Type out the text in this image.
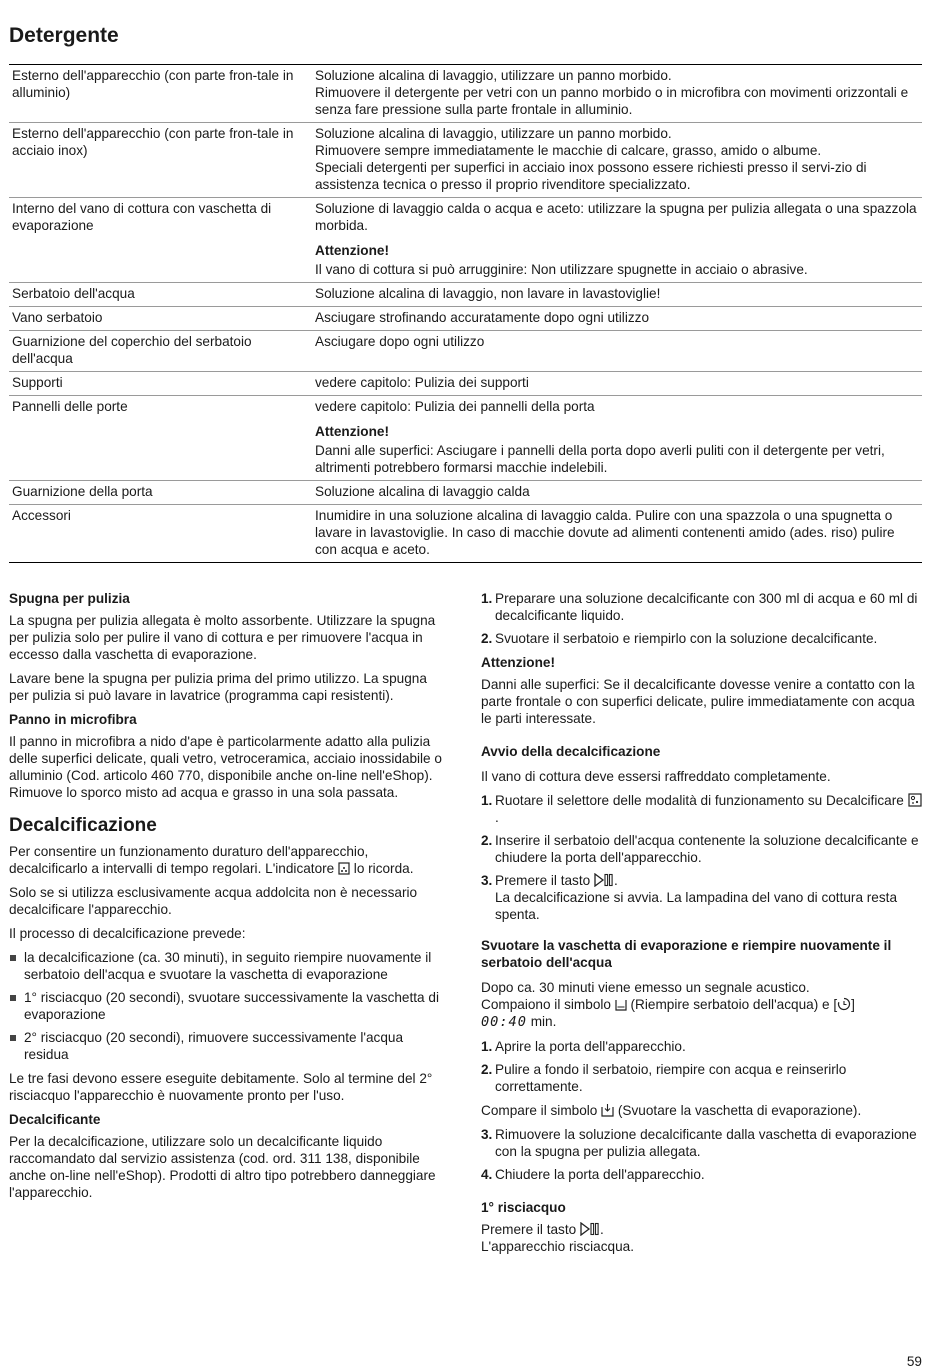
Detergente
Esterno dell'apparecchio (con parte fron-tale in alluminio)	Soluzione alcalina di lavaggio, utilizzare un panno morbido.

Rimuovere il detergente per vetri con un panno morbido o in microfibra con movimenti orizzontali e senza fare pressione sulla parte frontale in alluminio.

Esterno dell'apparecchio (con parte fron-tale in acciaio inox)	Soluzione alcalina di lavaggio, utilizzare un panno morbido.

Rimuovere sempre immediatamente le macchie di calcare, grasso, amido o albume.

Speciali detergenti per superfici in acciaio inox possono essere richiesti presso il servi-zio di assistenza tecnica o presso il proprio rivenditore specializzato.

Interno del vano di cottura con vaschetta di evaporazione	Soluzione di lavaggio calda o acqua e aceto: utilizzare la spugna per pulizia allegata o una spazzola morbida.

Attenzione!

Il vano di cottura si può arrugginire: Non utilizzare spugnette in acciaio o abrasive.

Serbatoio dell'acqua	Soluzione alcalina di lavaggio, non lavare in lavastoviglie!

Vano serbatoio	Asciugare strofinando accuratamente dopo ogni utilizzo

Guarnizione del coperchio del serbatoio dell'acqua	Asciugare dopo ogni utilizzo

Supporti	vedere capitolo: Pulizia dei supporti

Pannelli delle porte	vedere capitolo: Pulizia dei pannelli della porta

Attenzione!

Danni alle superfici: Asciugare i pannelli della porta dopo averli puliti con il detergente per vetri, altrimenti potrebbero formarsi macchie indelebili.

Guarnizione della porta	Soluzione alcalina di lavaggio calda

Accessori	Inumidire in una soluzione alcalina di lavaggio calda. Pulire con una spazzola o una spugnetta o lavare in lavastoviglie. In caso di macchie dovute ad alimenti contenenti amido (ades. riso) pulire con acqua e aceto.

Spugna per pulizia

La spugna per pulizia allegata è molto assorbente. Utilizzare la spugna per pulizia solo per pulire il vano di cottura e per rimuovere l'acqua in eccesso dalla vaschetta di evaporazione.

Lavare bene la spugna per pulizia prima del primo utilizzo. La spugna per pulizia si può lavare in lavatrice (programma capi resistenti).

Panno in microfibra

Il panno in microfibra a nido d'ape è particolarmente adatto alla pulizia delle superfici delicate, quali vetro, vetroceramica, acciaio inossidabile o alluminio (Cod. articolo 460 770, disponibile anche on-line nell'eShop). Rimuove lo sporco misto ad acqua e grasso in una sola passata.

Decalcificazione

Per consentire un funzionamento duraturo dell'apparecchio, decalcificarlo a intervalli di tempo regolari. L'indicatore lo ricorda.

Solo se si utilizza esclusivamente acqua addolcita non è necessario decalcificare l'apparecchio.

Il processo di decalcificazione prevede:

la decalcificazione (ca. 30 minuti), in seguito riempire nuovamente il serbatoio dell'acqua e svuotare la vaschetta di evaporazione
1° risciacquo (20 secondi), svuotare successivamente la vaschetta di evaporazione
2° risciacquo (20 secondi), rimuovere successivamente l'acqua residua

Le tre fasi devono essere eseguite debitamente. Solo al termine del 2° risciacquo l'apparecchio è nuovamente pronto per l'uso.

Decalcificante

Per la decalcificazione, utilizzare solo un decalcificante liquido raccomandato dal servizio assistenza (cod. ord. 311 138, disponibile anche on-line nell'eShop). Prodotti di altro tipo potrebbero danneggiare l'apparecchio.

1. Preparare una soluzione decalcificante con 300 ml di acqua e 60 ml di decalcificante liquido.
2. Svuotare il serbatoio e riempirlo con la soluzione decalcificante.
Attenzione!

Danni alle superfici: Se il decalcificante dovesse venire a contatto con la parte frontale o con superfici delicate, pulire immediatamente con acqua le parti interessate.

Avvio della decalcificazione

Il vano di cottura deve essersi raffreddato completamente.

1. Ruotare il selettore delle modalità di funzionamento su Decalcificare .
2. Inserire il serbatoio dell'acqua contenente la soluzione decalcificante e chiudere la porta dell'apparecchio.
3. Premere il tasto .
La decalcificazione si avvia. La lampadina del vano di cottura resta spenta.
Svuotare la vaschetta di evaporazione e riempire nuovamente il serbatoio dell'acqua

Dopo ca. 30 minuti viene emesso un segnale acustico.

Compaiono il simbolo (Riempire serbatoio dell'acqua) e [ ]
00:40 min.

1. Aprire la porta dell'apparecchio.
2. Pulire a fondo il serbatoio, riempire con acqua e reinserirlo correttamente.

Compare il simbolo (Svuotare la vaschetta di evaporazione).

3. Rimuovere la soluzione decalcificante dalla vaschetta di evaporazione con la spugna per pulizia allegata.
4. Chiudere la porta dell'apparecchio.
1° risciacquo

Premere il tasto .
L'apparecchio risciacqua.

59
